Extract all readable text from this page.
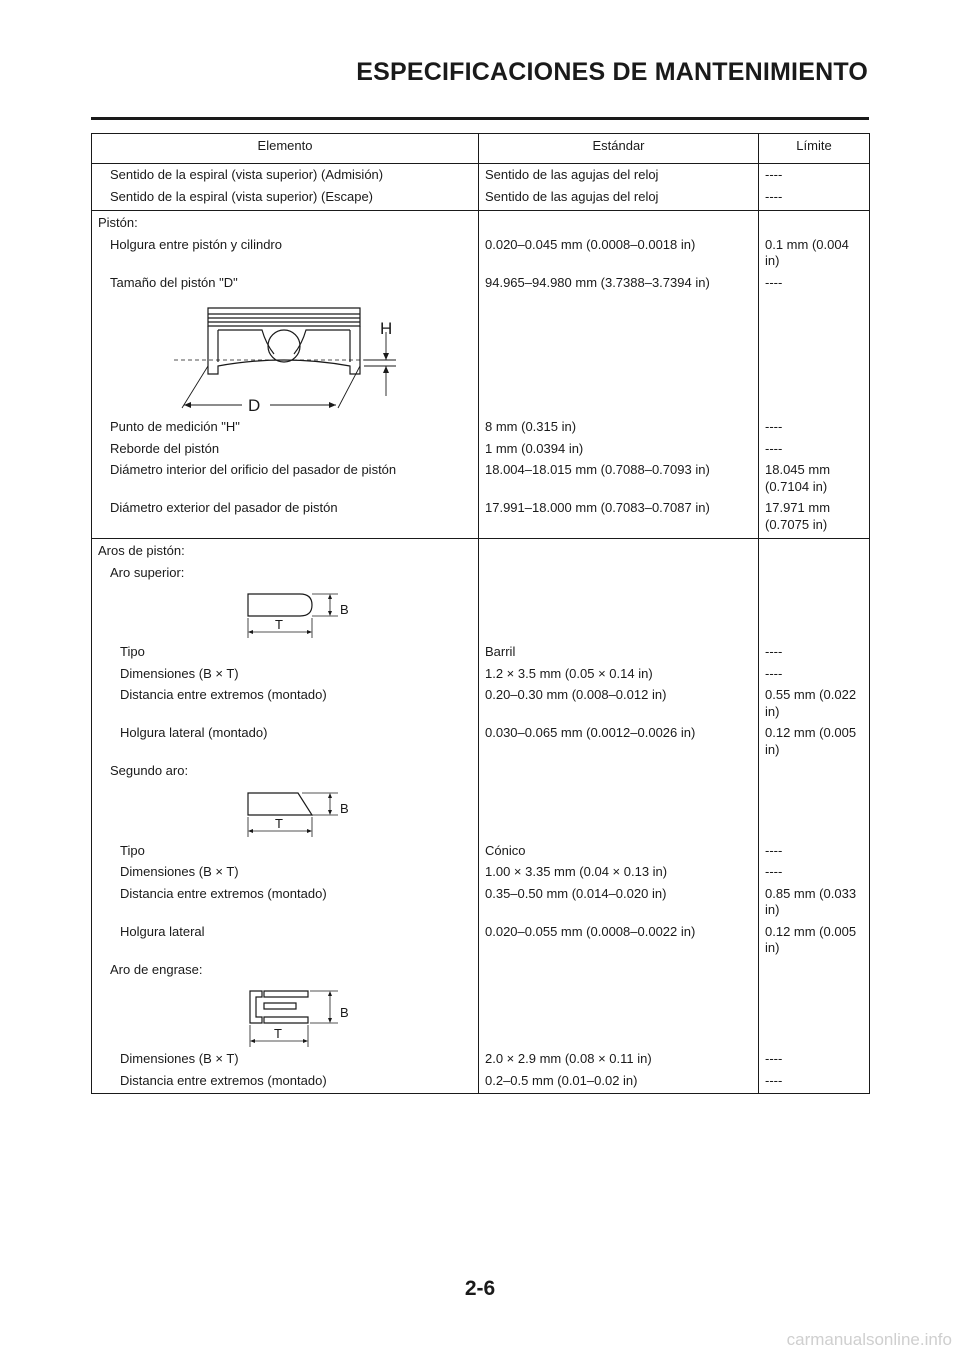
ESPECIFICACIONES DE MANTENIMIENTO
Elemento	Estándar	Límite
Sentido de la espiral (vista superior) (Admisión)	Sentido de las agujas del reloj	----
Sentido de la espiral (vista superior) (Escape)	Sentido de las agujas del reloj	----
Pistón:		
Holgura entre pistón y cilindro	0.020–0.045 mm (0.0008–0.0018 in)	0.1 mm (0.004 in)
Tamaño del pistón "D"	94.965–94.980 mm (3.7388–3.7394 in)	----

H
D		

Punto de medición "H"	8 mm (0.315 in)	----
Reborde del pistón	1 mm (0.0394 in)	----
Diámetro interior del orificio del pasador de pistón	18.004–18.015 mm (0.7088–0.7093 in)	18.045 mm (0.7104 in)
Diámetro exterior del pasador de pistón	17.991–18.000 mm (0.7083–0.7087 in)	17.971 mm (0.7075 in)
Aros de pistón:		
Aro superior:		

B
T		

Tipo	Barril	----
Dimensiones (B × T)	1.2 × 3.5 mm (0.05 × 0.14 in)	----
Distancia entre extremos (montado)	0.20–0.30 mm (0.008–0.012 in)	0.55 mm (0.022 in)
Holgura lateral (montado)	0.030–0.065 mm (0.0012–0.0026 in)	0.12 mm (0.005 in)
Segundo aro:		

B
T		

Tipo	Cónico	----
Dimensiones (B × T)	1.00 × 3.35 mm (0.04 × 0.13 in)	----
Distancia entre extremos (montado)	0.35–0.50 mm (0.014–0.020 in)	0.85 mm (0.033 in)
Holgura lateral	0.020–0.055 mm (0.0008–0.0022 in)	0.12 mm (0.005 in)
Aro de engrase:		

B
T		

Dimensiones (B × T)	2.0 × 2.9 mm (0.08 × 0.11 in)	----
Distancia entre extremos (montado)	0.2–0.5 mm (0.01–0.02 in)	----

2-6

carmanualsonline.info
